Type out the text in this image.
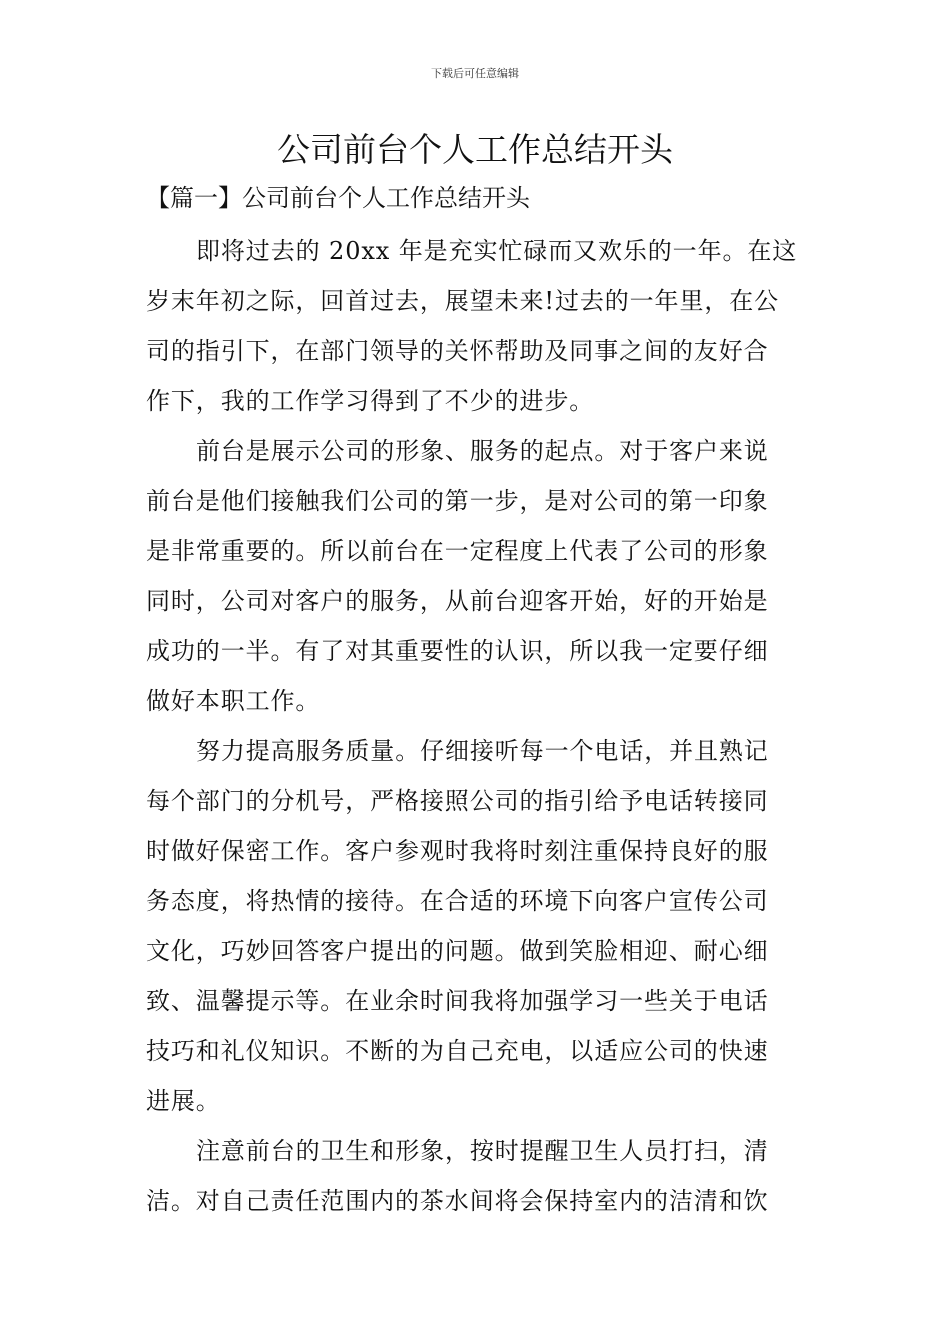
下载后可任意编辑
公司前台个人工作总结开头
【篇一】公司前台个人工作总结开头

即将过去的 20xx 年是充实忙碌而又欢乐的一年。在这
岁末年初之际，回首过去，展望未来!过去的一年里，在公
司的指引下，在部门领导的关怀帮助及同事之间的友好合
作下，我的工作学习得到了不少的进步。

前台是展示公司的形象、服务的起点。对于客户来说
前台是他们接触我们公司的第一步，是对公司的第一印象
是非常重要的。所以前台在一定程度上代表了公司的形象
同时，公司对客户的服务，从前台迎客开始，好的开始是
成功的一半。有了对其重要性的认识，所以我一定要仔细
做好本职工作。

努力提高服务质量。仔细接听每一个电话，并且熟记
每个部门的分机号，严格接照公司的指引给予电话转接同
时做好保密工作。客户参观时我将时刻注重保持良好的服
务态度，将热情的接待。在合适的环境下向客户宣传公司
文化，巧妙回答客户提出的问题。做到笑脸相迎、耐心细
致、温馨提示等。在业余时间我将加强学习一些关于电话
技巧和礼仪知识。不断的为自己充电，以适应公司的快速
进展。

注意前台的卫生和形象，按时提醒卫生人员打扫，清
洁。对自己责任范围内的茶水间将会保持室内的洁清和饮
